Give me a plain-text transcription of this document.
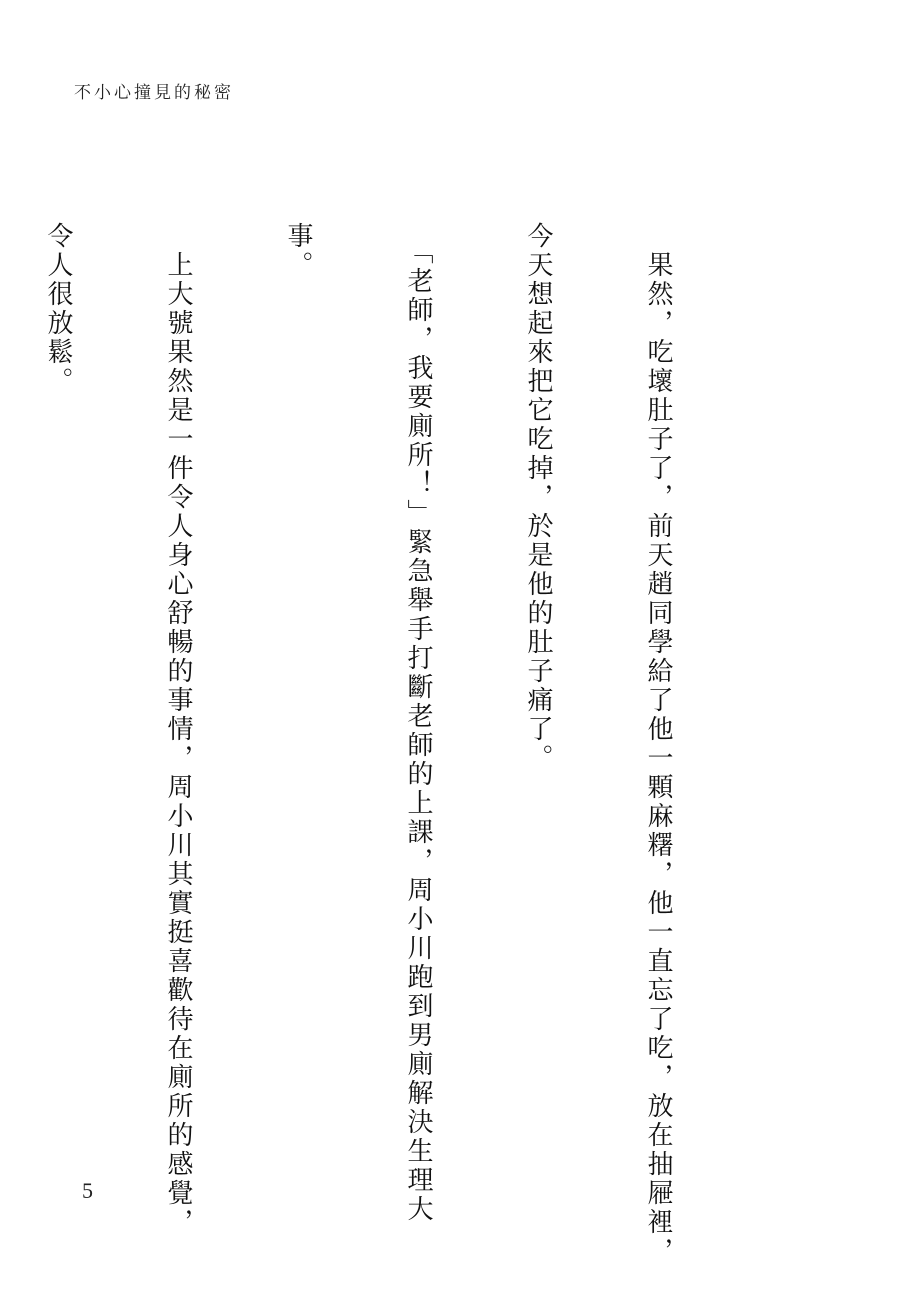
不小心撞見的秘密

　果然，吃壞肚子了，前天趙同學給了他一顆麻糬，他一直忘了吃，放在抽屜裡，

今天想起來把它吃掉，於是他的肚子痛了。

　「老師，我要廁所！」緊急舉手打斷老師的上課，周小川跑到男廁解決生理大

事。

　上大號果然是一件令人身心舒暢的事情，周小川其實挺喜歡待在廁所的感覺，

令人很放鬆。

5
